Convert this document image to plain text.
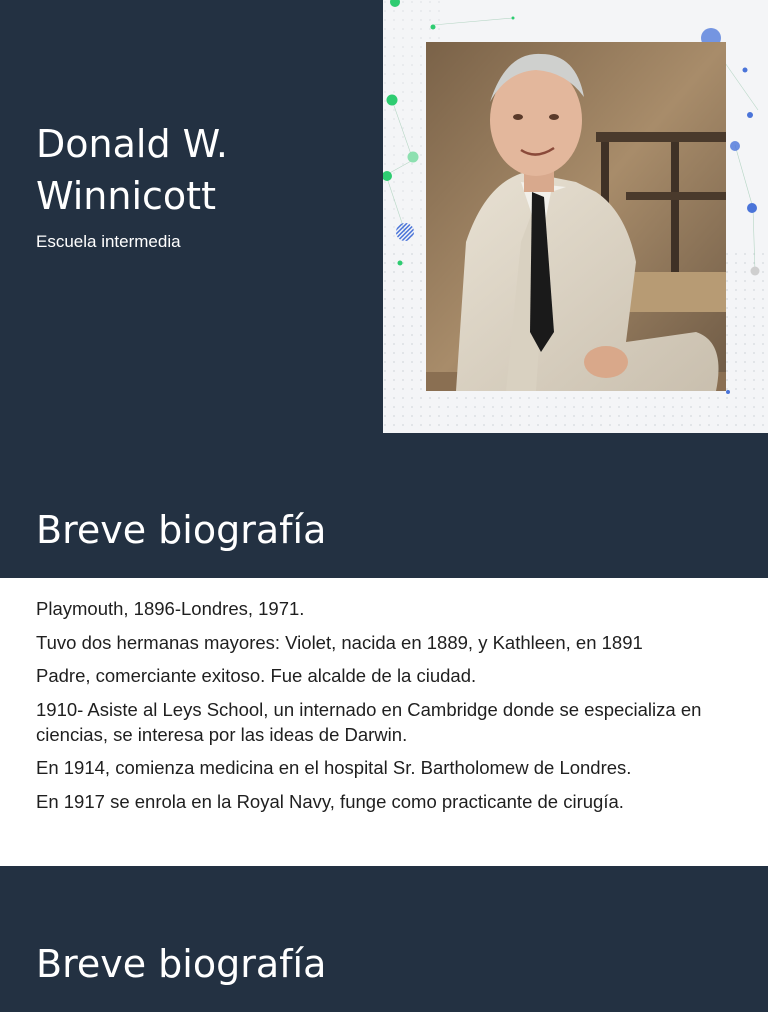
Donald W. Winnicott

Escuela intermedia

Breve biografía
Playmouth, 1896-Londres, 1971.
Tuvo dos hermanas mayores: Violet, nacida en 1889, y Kathleen, en 1891
Padre, comerciante exitoso. Fue alcalde de la ciudad.
1910- Asiste al Leys School, un internado en Cambridge donde se especializa en ciencias, se interesa por las ideas de Darwin.
En 1914, comienza medicina en el hospital Sr. Bartholomew de Londres.
En 1917 se enrola en la Royal Navy, funge como practicante de cirugía.
Breve biografía
